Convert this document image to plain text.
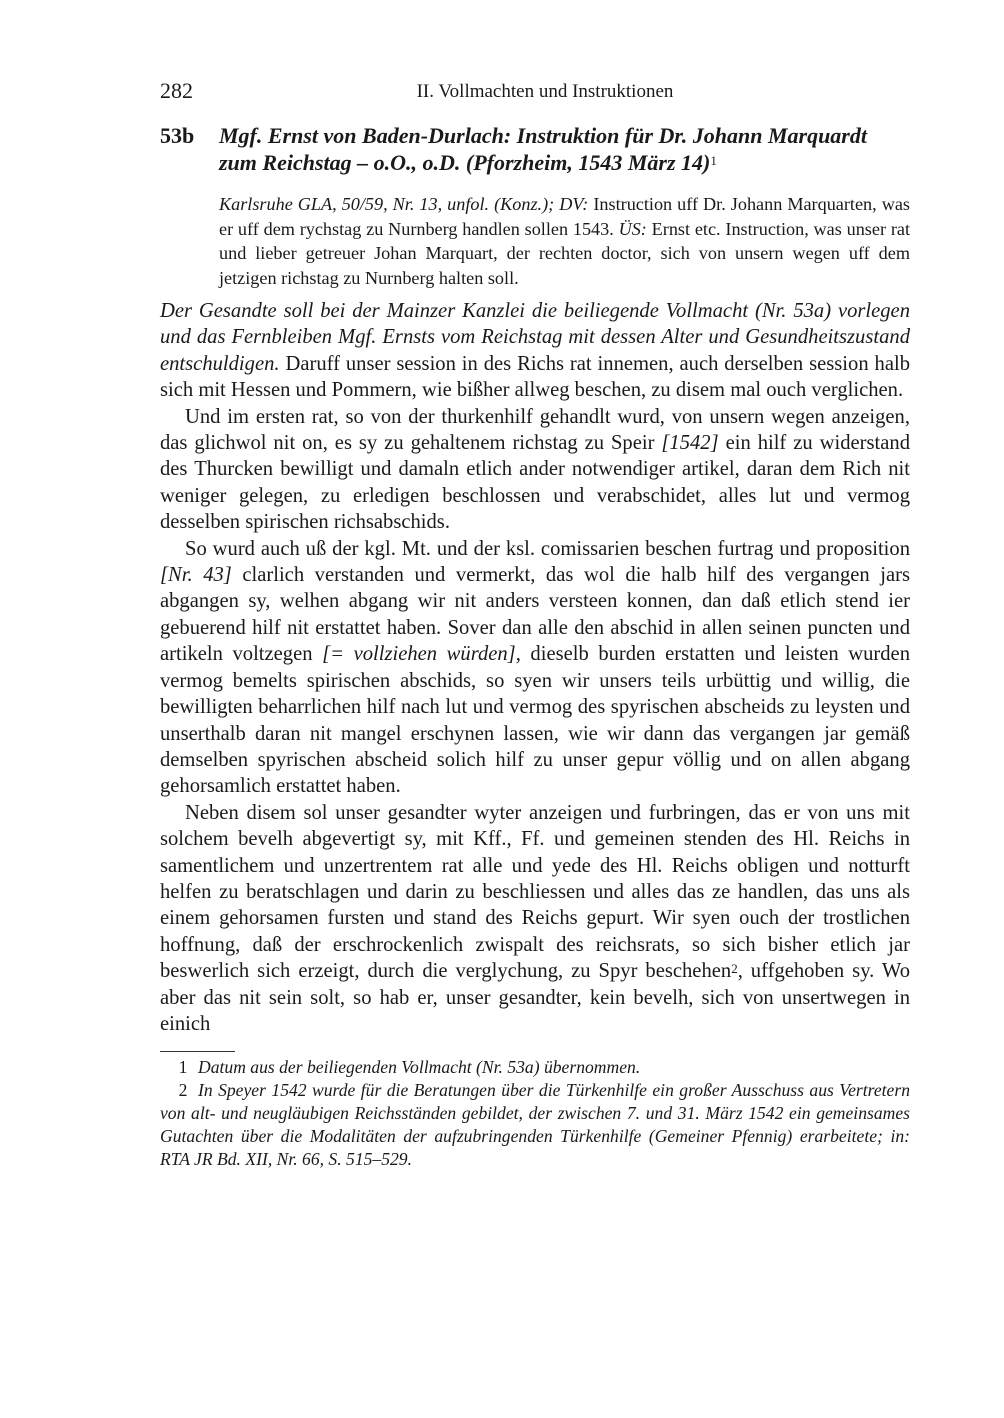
282	II. Vollmachten und Instruktionen
53b	Mgf. Ernst von Baden-Durlach: Instruktion für Dr. Johann Marquardt zum Reichstag – o.O., o.D. (Pforzheim, 1543 März 14)$^1$
Karlsruhe GLA, 50/59, Nr. 13, unfol. (Konz.); DV: Instruction uff Dr. Johann Marquarten, was er uff dem rychstag zu Nurnberg handlen sollen 1543. ÜS: Ernst etc. Instruction, was unser rat und lieber getreuer Johan Marquart, der rechten doctor, sich von unsern wegen uff dem jetzigen richstag zu Nurnberg halten soll.

Der Gesandte soll bei der Mainzer Kanzlei die beiliegende Vollmacht (Nr. 53a) vorlegen und das Fernbleiben Mgf. Ernsts vom Reichstag mit dessen Alter und Gesundheitszustand entschuldigen. Daruff unser session in des Richs rat innemen, auch derselben session halb sich mit Hessen und Pommern, wie bißher allweg beschen, zu disem mal ouch verglichen.

Und im ersten rat, so von der thurkenhilf gehandlt wurd, von unsern wegen anzeigen, das glichwol nit on, es sy zu gehaltenem richstag zu Speir [1542] ein hilf zu widerstand des Thurcken bewilligt und damaln etlich ander notwendiger artikel, daran dem Rich nit weniger gelegen, zu erledigen beschlossen und verabschidet, alles lut und vermog desselben spirischen richsabschids.

So wurd auch uß der kgl. Mt. und der ksl. comissarien beschen furtrag und proposition [Nr. 43] clarlich verstanden und vermerkt, das wol die halb hilf des vergangen jars abgangen sy, welhen abgang wir nit anders versteen konnen, dan daß etlich stend ier gebuerend hilf nit erstattet haben. Sover dan alle den abschid in allen seinen puncten und artikeln voltzegen [= vollziehen würden], dieselb burden erstatten und leisten wurden vermog bemelts spirischen abschids, so syen wir unsers teils urbüttig und willig, die bewilligten beharrlichen hilf nach lut und vermog des spyrischen abscheids zu leysten und unserthalb daran nit mangel erschynen lassen, wie wir dann das vergangen jar gemäß demselben spyrischen abscheid solich hilf zu unser gepur völlig und on allen abgang gehorsamlich erstattet haben.

Neben disem sol unser gesandter wyter anzeigen und furbringen, das er von uns mit solchem bevelh abgevertigt sy, mit Kff., Ff. und gemeinen stenden des Hl. Reichs in samentlichem und unzertrentem rat alle und yede des Hl. Reichs obligen und notturft helfen zu beratschlagen und darin zu beschliessen und alles das ze handlen, das uns als einem gehorsamen fursten und stand des Reichs gepurt. Wir syen ouch der trostlichen hoffnung, daß der erschrockenlich zwispalt des reichsrats, so sich bisher etlich jar beswerlich sich erzeigt, durch die verglychung, zu Spyr beschehen$^2$, uffgehoben sy. Wo aber das nit sein solt, so hab er, unser gesandter, kein bevelh, sich von unsertwegen in einich

1 Datum aus der beiliegenden Vollmacht (Nr. 53a) übernommen.
2 In Speyer 1542 wurde für die Beratungen über die Türkenhilfe ein großer Ausschuss aus Vertretern von alt- und neugläubigen Reichsständen gebildet, der zwischen 7. und 31. März 1542 ein gemeinsames Gutachten über die Modalitäten der aufzubringenden Türkenhilfe (Gemeiner Pfennig) erarbeitete; in: RTA JR Bd. XII, Nr. 66, S. 515–529.
